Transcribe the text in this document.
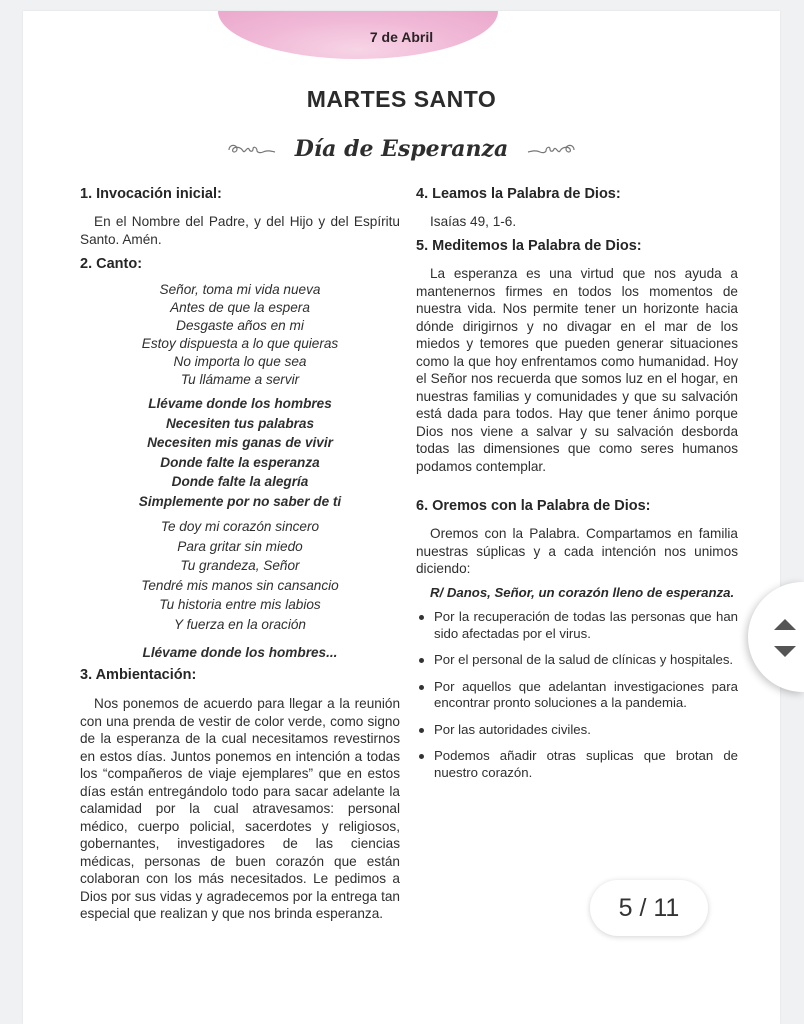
7 de Abril
MARTES SANTO
Día de Esperanza
1. Invocación inicial:

En el Nombre del Padre, y del Hijo y del Espíritu Santo. Amén.

2. Canto:
Señor, toma mi vida nueva
Antes de que la espera
Desgaste años en mi
Estoy dispuesta a lo que quieras
No importa lo que sea
Tu llámame a servir
Llévame donde los hombres
Necesiten tus palabras
Necesiten mis ganas de vivir
Donde falte la esperanza
Donde falte la alegría
Simplemente por no saber de ti
Te doy mi corazón sincero
Para gritar sin miedo
Tu grandeza, Señor
Tendré mis manos sin cansancio
Tu historia entre mis labios
Y fuerza en la oración
Llévame donde los hombres...
3. Ambientación:

Nos ponemos de acuerdo para llegar a la reunión con una prenda de vestir de color verde, como signo de la esperanza de la cual necesitamos revestirnos en estos días. Juntos ponemos en intención a todas los “compañeros de viaje ejemplares” que en estos días están entregándolo todo para sacar adelante la calamidad por la cual atravesamos: personal médico, cuerpo policial, sacerdotes y religiosos, gobernantes, investigadores de las ciencias médicas, personas de buen corazón que están colaboran con los más necesitados. Le pedimos a Dios por sus vidas y agradecemos por la entrega tan especial que realizan y que nos brinda esperanza.

4. Leamos la Palabra de Dios:
Isaías 49, 1-6.
5. Meditemos la Palabra de Dios:

La esperanza es una virtud que nos ayuda a mantenernos firmes en todos los momentos de nuestra vida. Nos permite tener un horizonte hacia dónde dirigirnos y no divagar en el mar de los miedos y temores que pueden generar situaciones como la que hoy enfrentamos como humanidad. Hoy el Señor nos recuerda que somos luz en el hogar, en nuestras familias y comunidades y que su salvación está dada para todos. Hay que tener ánimo porque Dios nos viene a salvar y su salvación desborda todas las dimensiones que como seres humanos podamos contemplar.

6. Oremos con la Palabra de Dios:

Oremos con la Palabra. Compartamos en familia nuestras súplicas y a cada intención nos unimos diciendo:

R/ Danos, Señor, un corazón lleno de esperanza.
Por la recuperación de todas las personas que han sido afectadas por el virus.
Por el personal de la salud de clínicas y hospitales.
Por aquellos que adelantan investigaciones para encontrar pronto soluciones a la pandemia.
Por las autoridades civiles.
Podemos añadir otras suplicas que brotan de nuestro corazón.
5 / 11
